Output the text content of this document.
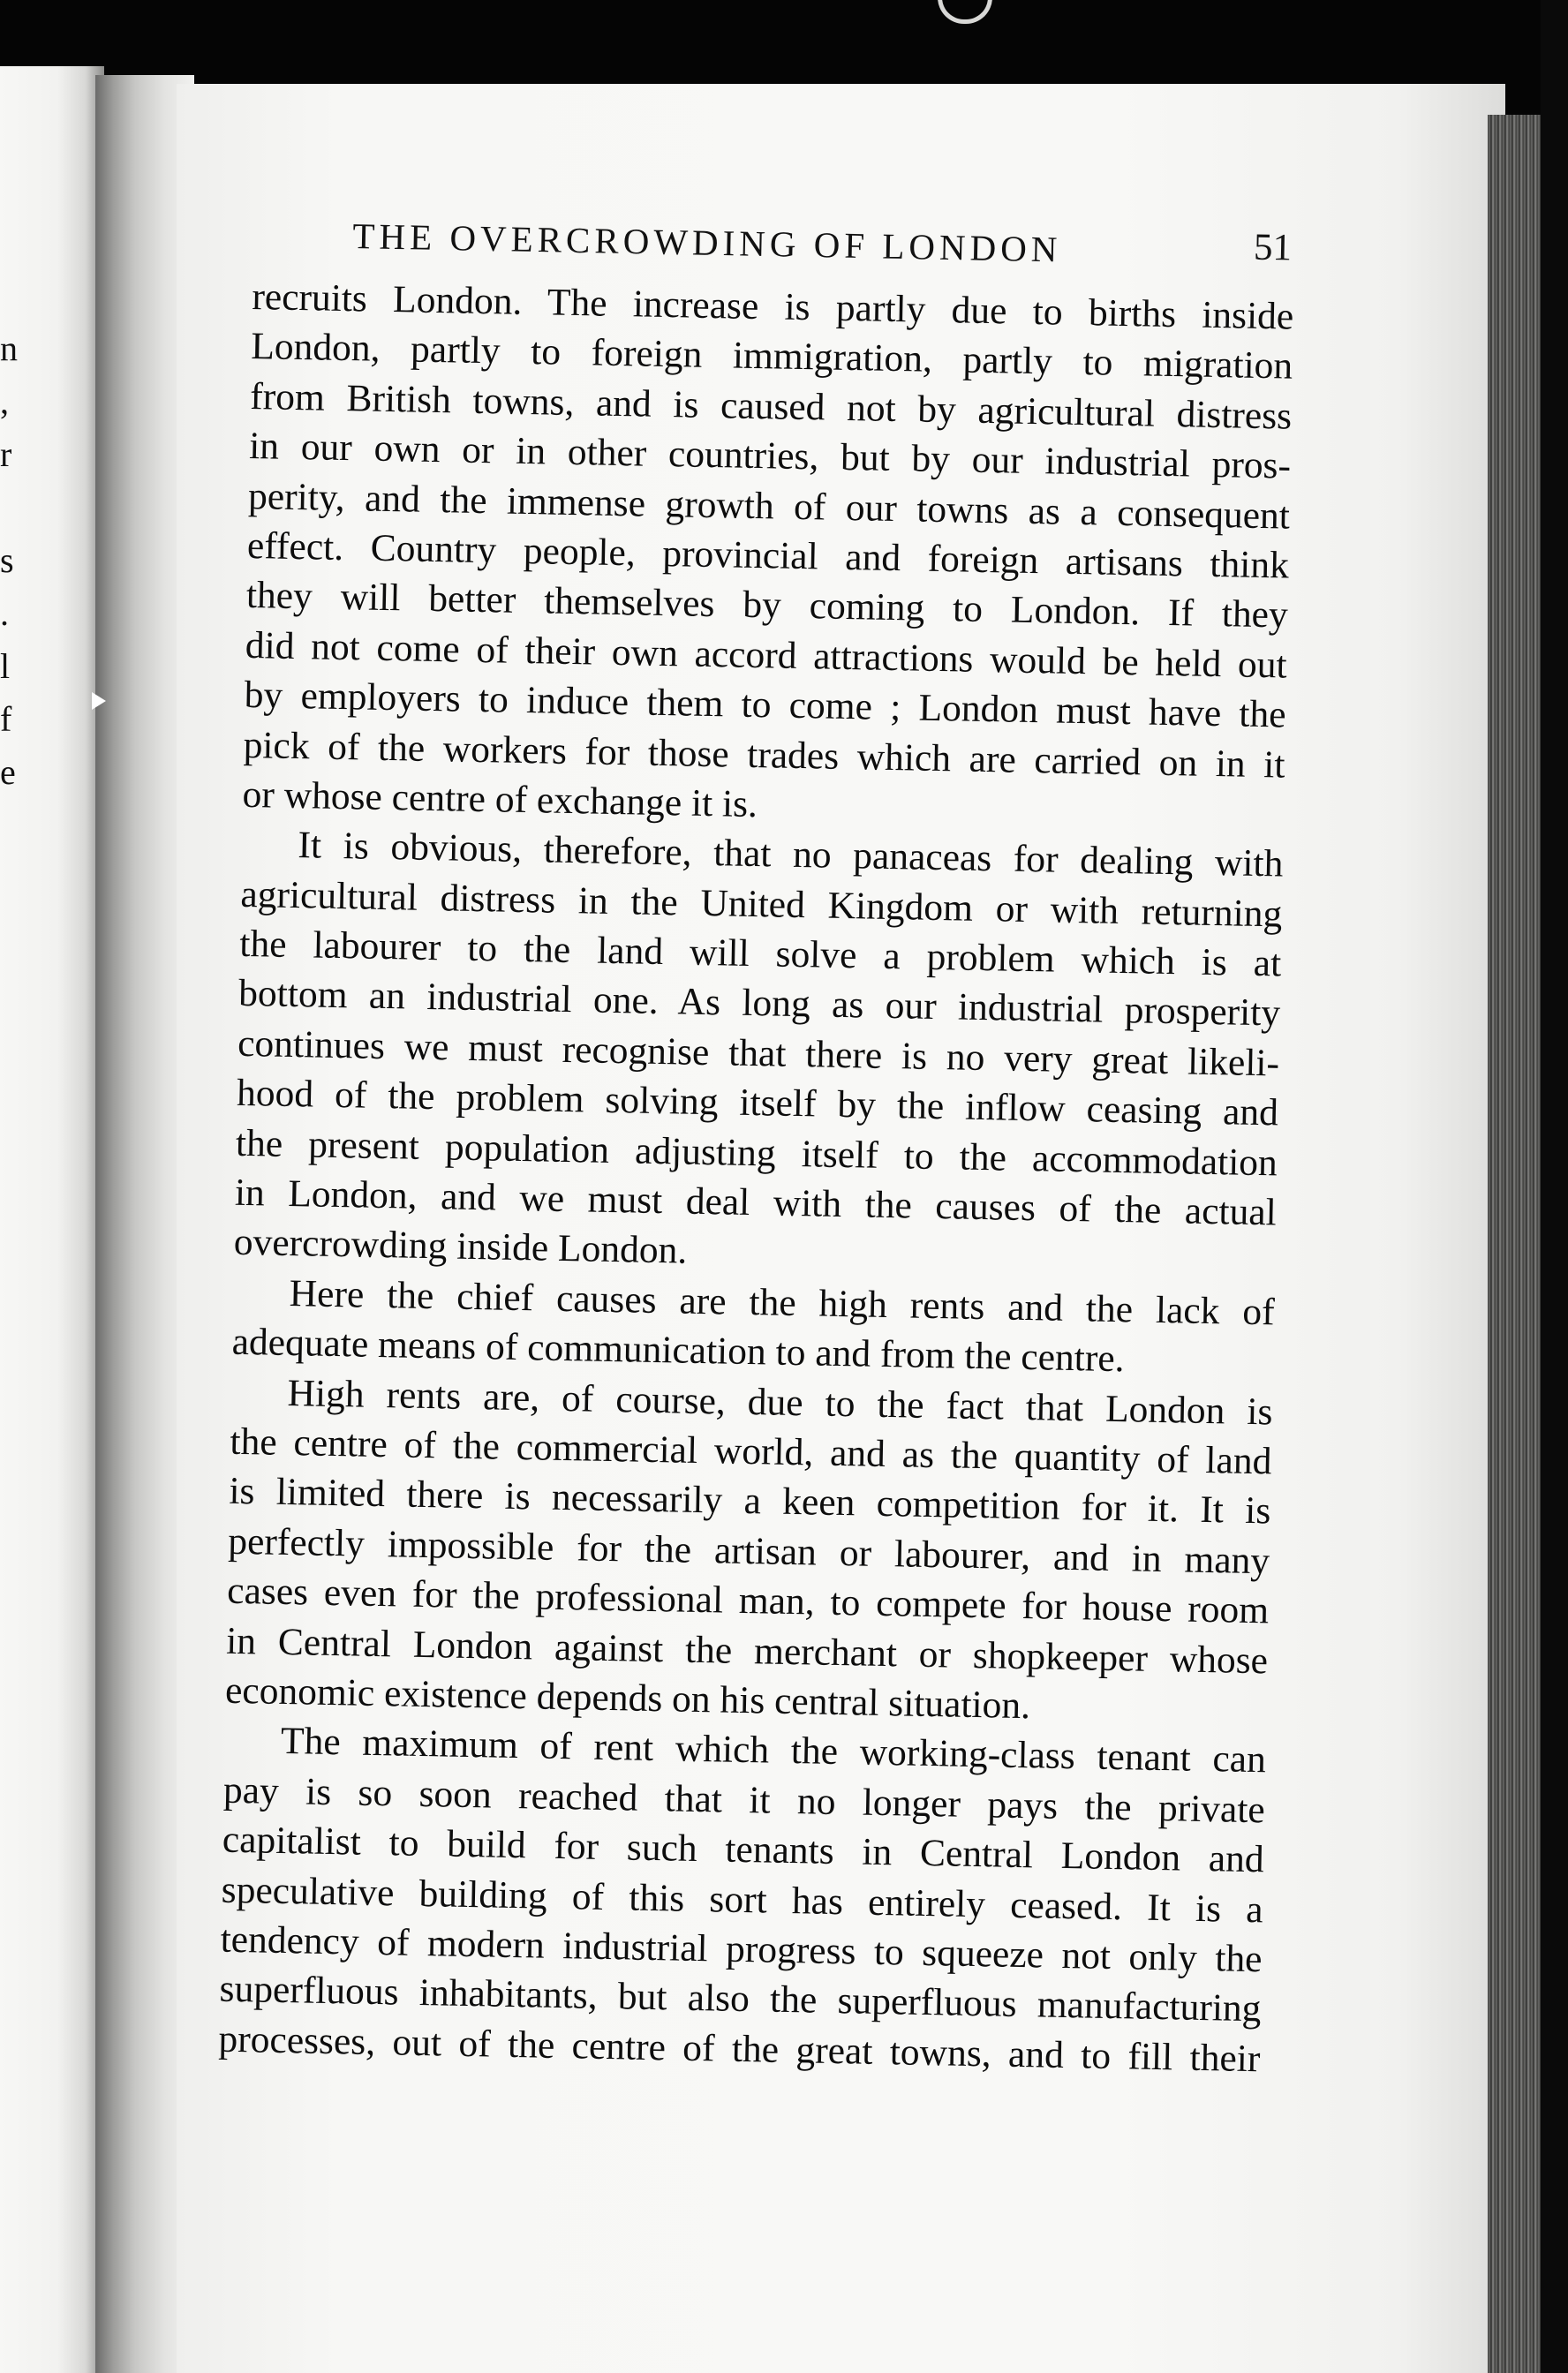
n
,
r
s
.
l
f
e
THE OVERCROWDING OF LONDON	51
recruits London. The increase is partly due to births inside
London, partly to foreign immigration, partly to migration
from British towns, and is caused not by agricultural distress
in our own or in other countries, but by our industrial pros-
perity, and the immense growth of our towns as a consequent
effect. Country people, provincial and foreign artisans think
they will better themselves by coming to London. If they
did not come of their own accord attractions would be held out
by employers to induce them to come ; London must have the
pick of the workers for those trades which are carried on in it
or whose centre of exchange it is.
It is obvious, therefore, that no panaceas for dealing with
agricultural distress in the United Kingdom or with returning
the labourer to the land will solve a problem which is at
bottom an industrial one. As long as our industrial prosperity
continues we must recognise that there is no very great likeli-
hood of the problem solving itself by the inflow ceasing and
the present population adjusting itself to the accommodation
in London, and we must deal with the causes of the actual
overcrowding inside London.
Here the chief causes are the high rents and the lack of
adequate means of communication to and from the centre.
High rents are, of course, due to the fact that London is
the centre of the commercial world, and as the quantity of land
is limited there is necessarily a keen competition for it. It is
perfectly impossible for the artisan or labourer, and in many
cases even for the professional man, to compete for house room
in Central London against the merchant or shopkeeper whose
economic existence depends on his central situation.
The maximum of rent which the working-class tenant can
pay is so soon reached that it no longer pays the private
capitalist to build for such tenants in Central London and
speculative building of this sort has entirely ceased. It is a
tendency of modern industrial progress to squeeze not only the
superfluous inhabitants, but also the superfluous manufacturing
processes, out of the centre of the great towns, and to fill their
